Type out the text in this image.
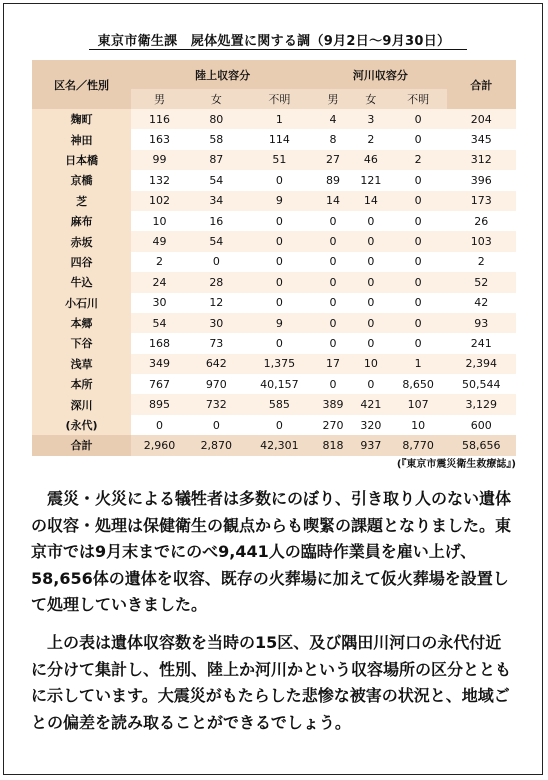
東京市衛生課　屍体処置に関する調（9月2日〜9月30日）
区名／性別	陸上収容分			河川収容分			合計
	男	女	不明	男	女	不明	
麹町	116	80	1	4	3	0	204
神田	163	58	114	8	2	0	345
日本橋	99	87	51	27	46	2	312
京橋	132	54	0	89	121	0	396
芝	102	34	9	14	14	0	173
麻布	10	16	0	0	0	0	26
赤坂	49	54	0	0	0	0	103
四谷	2	0	0	0	0	0	2
牛込	24	28	0	0	0	0	52
小石川	30	12	0	0	0	0	42
本郷	54	30	9	0	0	0	93
下谷	168	73	0	0	0	0	241
浅草	349	642	1,375	17	10	1	2,394
本所	767	970	40,157	0	0	8,650	50,544
深川	895	732	585	389	421	107	3,129
(永代)	0	0	0	270	320	10	600
合計	2,960	2,870	42,301	818	937	8,770	58,656
(『東京市震災衛生救療誌』)

震災・火災による犠牲者は多数にのぼり、引き取り人のない遺体の収容・処理は保健衛生の観点からも喫緊の課題となりました。東京市では9月末までにのべ9,441人の臨時作業員を雇い上げ、58,656体の遺体を収容、既存の火葬場に加えて仮火葬場を設置して処理していきました。

上の表は遺体収容数を当時の15区、及び隅田川河口の永代付近に分けて集計し、性別、陸上か河川かという収容場所の区分とともに示しています。大震災がもたらした悲惨な被害の状況と、地域ごとの偏差を読み取ることができるでしょう。
